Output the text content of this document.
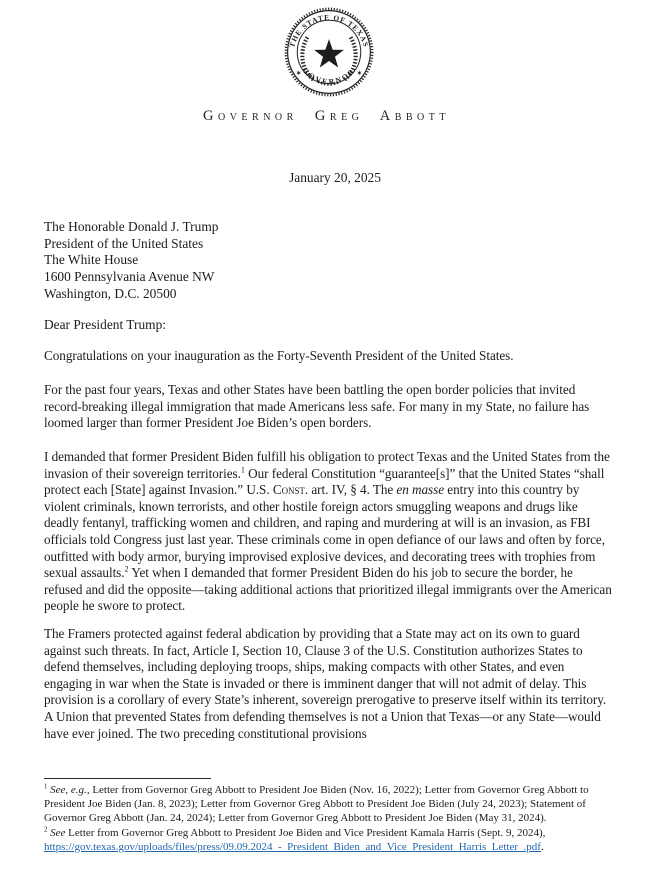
THE STATE OF TEXAS
GOVERNOR
✶	✶
Governor Greg Abbott
January 20, 2025
The Honorable Donald J. Trump
President of the United States
The White House
1600 Pennsylvania Avenue NW
Washington, D.C. 20500
Dear President Trump:

Congratulations on your inauguration as the Forty-Seventh President of the United States.

For the past four years, Texas and other States have been battling the open border policies that invited record-breaking illegal immigration that made Americans less safe. For many in my State, no failure has loomed larger than former President Joe Biden’s open borders.

I demanded that former President Biden fulfill his obligation to protect Texas and the United States from the invasion of their sovereign territories.$^1$ Our federal Constitution “guarantee[s]” that the United States “shall protect each [State] against Invasion.” U.S. Const. art. IV, § 4. The en masse entry into this country by violent criminals, known terrorists, and other hostile foreign actors smuggling weapons and drugs like deadly fentanyl, trafficking women and children, and raping and murdering at will is an invasion, as FBI officials told Congress just last year. These criminals come in open defiance of our laws and often by force, outfitted with body armor, burying improvised explosive devices, and decorating trees with trophies from sexual assaults.$^2$ Yet when I demanded that former President Biden do his job to secure the border, he refused and did the opposite—taking additional actions that prioritized illegal immigrants over the American people he swore to protect.

The Framers protected against federal abdication by providing that a State may act on its own to guard against such threats. In fact, Article I, Section 10, Clause 3 of the U.S. Constitution authorizes States to defend themselves, including deploying troops, ships, making compacts with other States, and even engaging in war when the State is invaded or there is imminent danger that will not admit of delay. This provision is a corollary of every State’s inherent, sovereign prerogative to preserve itself within its territory. A Union that prevented States from defending themselves is not a Union that Texas—or any State—would have ever joined. The two preceding constitutional provisions

$^1$ See, e.g., Letter from Governor Greg Abbott to President Joe Biden (Nov. 16, 2022); Letter from Governor Greg Abbott to President Joe Biden (Jan. 8, 2023); Letter from Governor Greg Abbott to President Joe Biden (July 24, 2023); Statement of Governor Greg Abbott (Jan. 24, 2024); Letter from Governor Greg Abbott to President Joe Biden (May 31, 2024).

$^2$ See Letter from Governor Greg Abbott to President Joe Biden and Vice President Kamala Harris (Sept. 9, 2024), https://gov.texas.gov/uploads/files/press/09.09.2024_-_President_Biden_and_Vice_President_Harris_Letter_.pdf.
